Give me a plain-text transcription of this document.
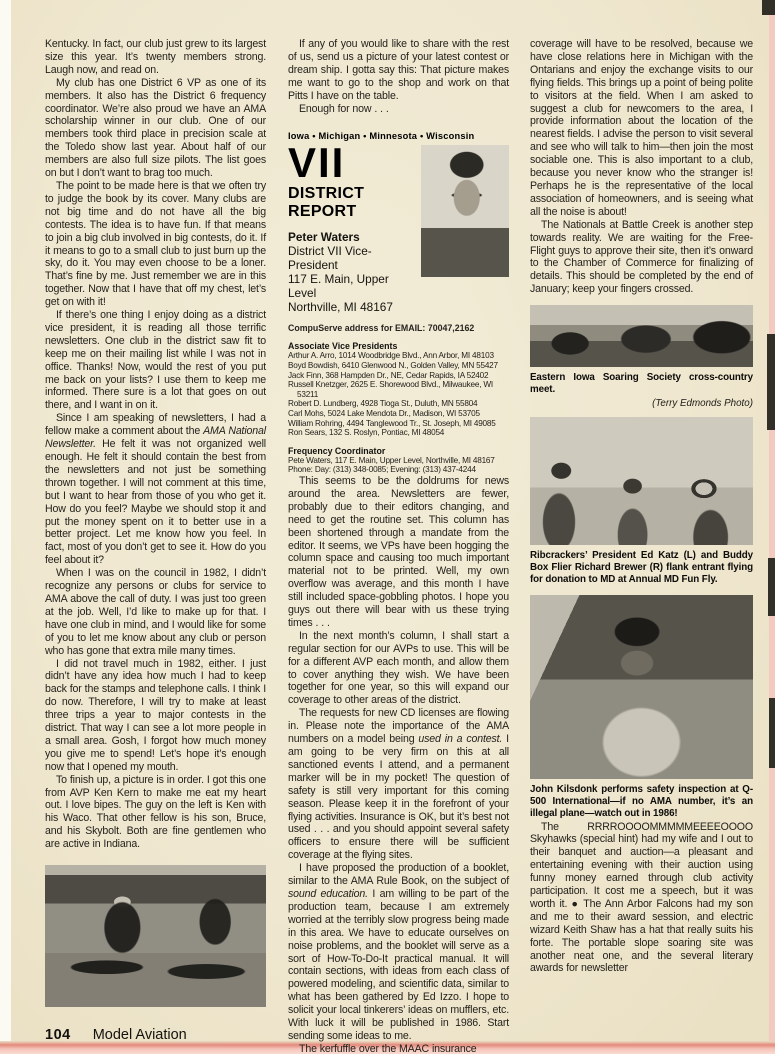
Kentucky. In fact, our club just grew to its largest size this year. It’s twenty members strong. Laugh now, and read on.

My club has one District 6 VP as one of its members. It also has the District 6 frequency coordinator. We’re also proud we have an AMA scholarship winner in our club. One of our members took third place in precision scale at the Toledo show last year. About half of our members are also full size pilots. The list goes on but I don’t want to brag too much.

The point to be made here is that we often try to judge the book by its cover. Many clubs are not big time and do not have all the big contests. The idea is to have fun. If that means to join a big club involved in big contests, do it. If it means to go to a small club to just burn up the sky, do it. You may even choose to be a loner. That’s fine by me. Just remember we are in this together. Now that I have that off my chest, let’s get on with it!

If there’s one thing I enjoy doing as a district vice president, it is reading all those terrific newsletters. One club in the district saw fit to keep me on their mailing list while I was not in office. Thanks! Now, would the rest of you put me back on your lists? I use them to keep me informed. There sure is a lot that goes on out there, and I want in on it.

Since I am speaking of newsletters, I had a fellow make a comment about the AMA National Newsletter. He felt it was not organized well enough. He felt it should contain the best from the newsletters and not just be something thrown together. I will not comment at this time, but I want to hear from those of you who get it. How do you feel? Maybe we should stop it and put the money spent on it to better use in a better project. Let me know how you feel. In fact, most of you don’t get to see it. How do you feel about it?

When I was on the council in 1982, I didn’t recognize any persons or clubs for service to AMA above the call of duty. I was just too green at the job. Well, I’d like to make up for that. I have one club in mind, and I would like for some of you to let me know about any club or person who has gone that extra mile many times.

I did not travel much in 1982, either. I just didn’t have any idea how much I had to keep back for the stamps and telephone calls. I think I do now. Therefore, I will try to make at least three trips a year to major contests in the district. That way I can see a lot more people in a small area. Gosh, I forgot how much money you give me to spend! Let’s hope it’s enough now that I opened my mouth.

To finish up, a picture is in order. I got this one from AVP Ken Kern to make me eat my heart out. I love bipes. The guy on the left is Ken with his Waco. That other fellow is his son, Bruce, and his Skybolt. Both are fine gentlemen who are active in Indiana.

If any of you would like to share with the rest of us, send us a picture of your latest contest or dream ship. I gotta say this: That picture makes me want to go to the shop and work on that Pitts I have on the table.

Enough for now . . .

Iowa • Michigan • Minnesota • Wisconsin
VII
DISTRICT REPORT
Peter Waters
District VII Vice-President
117 E. Main, Upper Level
Northville, MI 48167
CompuServe address for EMAIL: 70047,2162
Associate Vice Presidents
Arthur A. Arro, 1014 Woodbridge Blvd., Ann Arbor, MI 48103
Boyd Bowdish, 6410 Glenwood N., Golden Valley, MN 55427
Jack Finn, 368 Hampden Dr., NE, Cedar Rapids, IA 52402
Russell Knetzger, 2625 E. Shorewood Blvd., Milwaukee, WI 53211
Robert D. Lundberg, 4928 Tioga St., Duluth, MN 55804
Carl Mohs, 5024 Lake Mendota Dr., Madison, WI 53705
William Rohring, 4494 Tanglewood Tr., St. Joseph, MI 49085
Ron Sears, 132 S. Roslyn, Pontiac, MI 48054
Frequency Coordinator
Pete Waters, 117 E. Main, Upper Level, Northville, MI 48167
Phone: Day: (313) 348-0085; Evening: (313) 437-4244

This seems to be the doldrums for news around the area. Newsletters are fewer, probably due to their editors changing, and need to get the routine set. This column has been shortened through a mandate from the editor. It seems, we VPs have been hogging the column space and causing too much important material not to be printed. Well, my own overflow was average, and this month I have still included space-gobbling photos. I hope you guys out there will bear with us these trying times . . .

In the next month’s column, I shall start a regular section for our AVPs to use. This will be for a different AVP each month, and allow them to cover anything they wish. We have been together for one year, so this will expand our coverage to other areas of the district.

The requests for new CD licenses are flowing in. Please note the importance of the AMA numbers on a model being used in a contest. I am going to be very firm on this at all sanctioned events I attend, and a permanent marker will be in my pocket! The question of safety is still very important for this coming season. Please keep it in the forefront of your flying activities. Insurance is OK, but it’s best not used . . . and you should appoint several safety officers to ensure there will be sufficient coverage at the flying sites.

I have proposed the production of a booklet, similar to the AMA Rule Book, on the subject of sound education. I am willing to be part of the production team, because I am extremely worried at the terribly slow progress being made in this area. We have to educate ourselves on noise problems, and the booklet will serve as a sort of How-To-Do-It practical manual. It will contain sections, with ideas from each class of powered modeling, and scientific data, similar to what has been gathered by Ed Izzo. I hope to solicit your local tinkerers’ ideas on mufflers, etc. With luck it will be published in 1986. Start sending some ideas to me.

The kerfuffle over the MAAC insurance

coverage will have to be resolved, because we have close relations here in Michigan with the Ontarians and enjoy the exchange visits to our flying fields. This brings up a point of being polite to visitors at the field. When I am asked to suggest a club for newcomers to the area, I provide information about the location of the nearest fields. I advise the person to visit several and see who will talk to him—then join the most sociable one. This is also important to a club, because you never know who the stranger is! Perhaps he is the representative of the local association of homeowners, and is seeing what all the noise is about!

The Nationals at Battle Creek is another step towards reality. We are waiting for the Free-Flight guys to approve their site, then it’s onward to the Chamber of Commerce for finalizing of details. This should be completed by the end of January; keep your fingers crossed.

Eastern Iowa Soaring Society cross-country meet.
(Terry Edmonds Photo)
Ribcrackers’ President Ed Katz (L) and Buddy Box Flier Richard Brewer (R) flank entrant flying for donation to MD at Annual MD Fun Fly.
John Kilsdonk performs safety inspection at Q-500 International—if no AMA number, it’s an illegal plane—watch out in 1986!

The RRRROOOOMMMMMEEEEOOOO Skyhawks (special hint) had my wife and I out to their banquet and auction—a pleasant and entertaining evening with their auction using funny money earned through club activity participation. It cost me a speech, but it was worth it. ● The Ann Arbor Falcons had my son and me to their award session, and electric wizard Keith Shaw has a hat that really suits his forte. The portable slope soaring site was another neat one, and the several literary awards for newsletter

104 Model Aviation
